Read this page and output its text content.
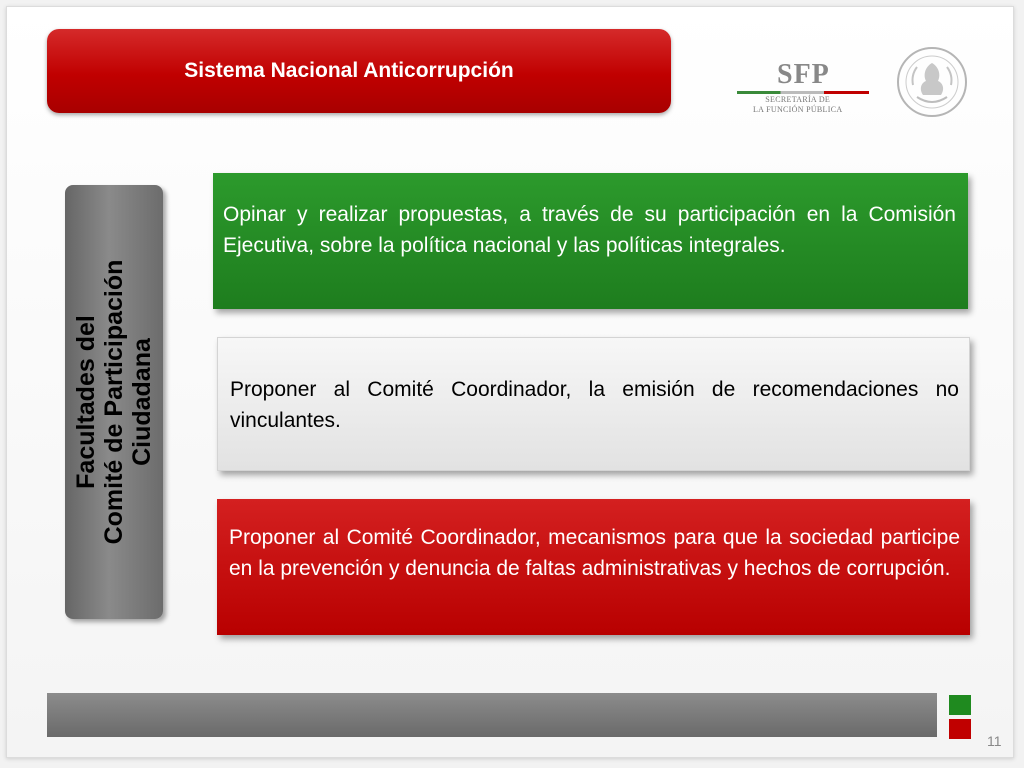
Sistema Nacional Anticorrupción	SFP
SECRETARÍA DE
LA FUNCIÓN PÚBLICA
Facultades del Comité de Participación Ciudadana
Opinar y realizar propuestas, a través de su participación en la Comisión Ejecutiva, sobre la política nacional y las políticas integrales.
Proponer al Comité Coordinador, la emisión de recomendaciones no vinculantes.
Proponer al Comité Coordinador, mecanismos para que la sociedad participe en la prevención y denuncia de faltas administrativas y hechos de corrupción.
11
